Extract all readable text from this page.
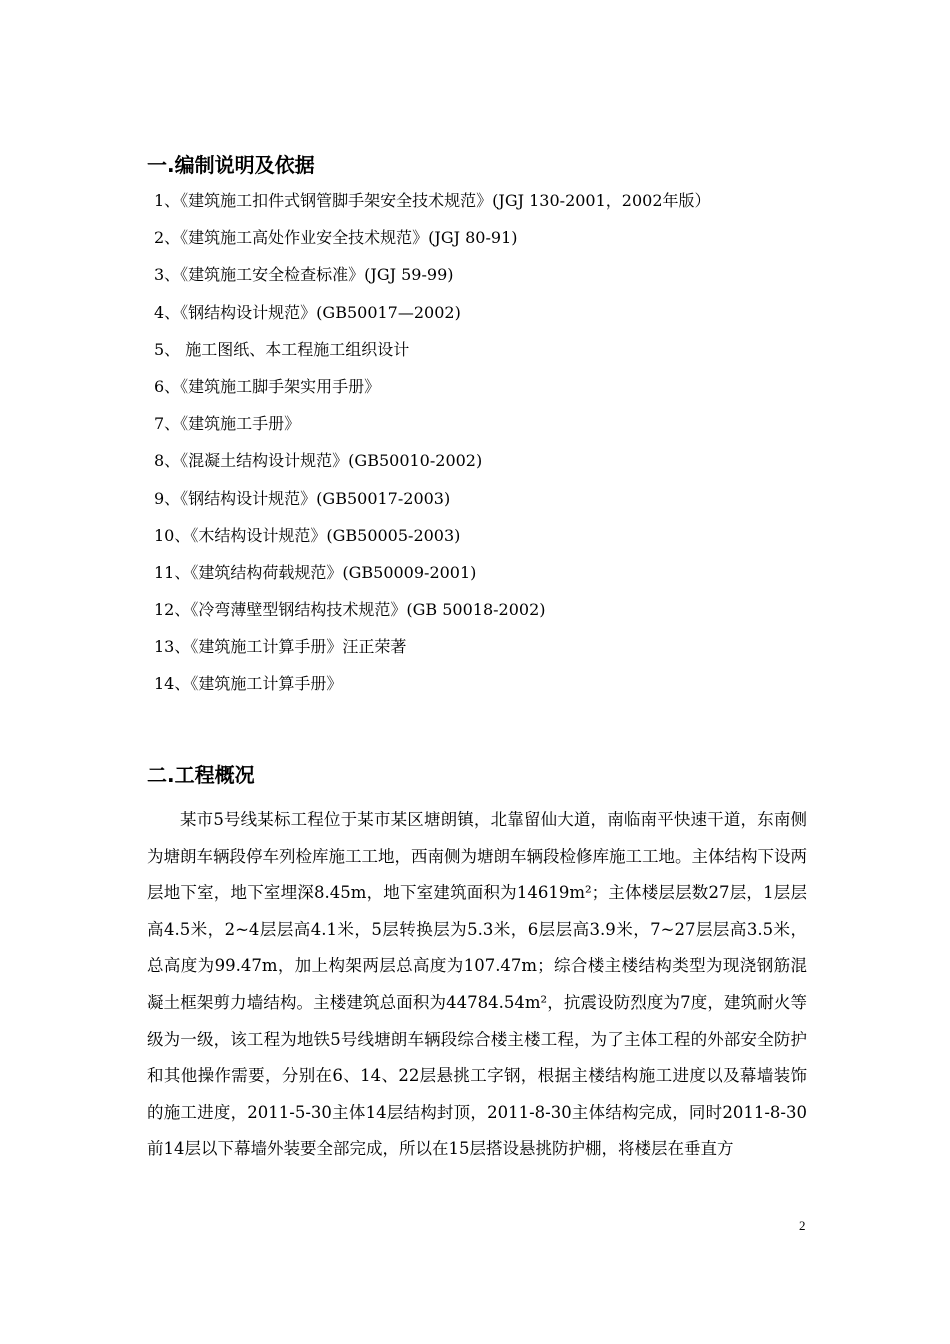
一.编制说明及依据
1、《建筑施工扣件式钢管脚手架安全技术规范》(JGJ 130-2001，2002年版）
2、《建筑施工高处作业安全技术规范》(JGJ 80-91)
3、《建筑施工安全检查标准》(JGJ 59-99)
4、《钢结构设计规范》(GB50017—2002)
5、 施工图纸、本工程施工组织设计
6、《建筑施工脚手架实用手册》
7、《建筑施工手册》
8、《混凝土结构设计规范》(GB50010-2002)
9、《钢结构设计规范》(GB50017-2003)
10、《木结构设计规范》(GB50005-2003)
11、《建筑结构荷载规范》(GB50009-2001)
12、《冷弯薄壁型钢结构技术规范》(GB 50018-2002)
13、《建筑施工计算手册》汪正荣著
14、《建筑施工计算手册》
二.工程概况

某市5号线某标工程位于某市某区塘朗镇，北靠留仙大道，南临南平快速干道，东南侧为塘朗车辆段停车列检库施工工地，西南侧为塘朗车辆段检修库施工工地。主体结构下设两层地下室，地下室埋深8.45m，地下室建筑面积为14619m²；主体楼层层数27层，1层层高4.5米，2~4层层高4.1米，5层转换层为5.3米，6层层高3.9米，7~27层层高3.5米，总高度为99.47m，加上构架两层总高度为107.47m；综合楼主楼结构类型为现浇钢筋混凝土框架剪力墙结构。主楼建筑总面积为44784.54m²，抗震设防烈度为7度，建筑耐火等级为一级，该工程为地铁5号线塘朗车辆段综合楼主楼工程，为了主体工程的外部安全防护和其他操作需要，分别在6、14、22层悬挑工字钢，根据主楼结构施工进度以及幕墙装饰的施工进度，2011-5-30主体14层结构封顶，2011-8-30主体结构完成，同时2011-8-30前14层以下幕墙外装要全部完成，所以在15层搭设悬挑防护棚，将楼层在垂直方

2
